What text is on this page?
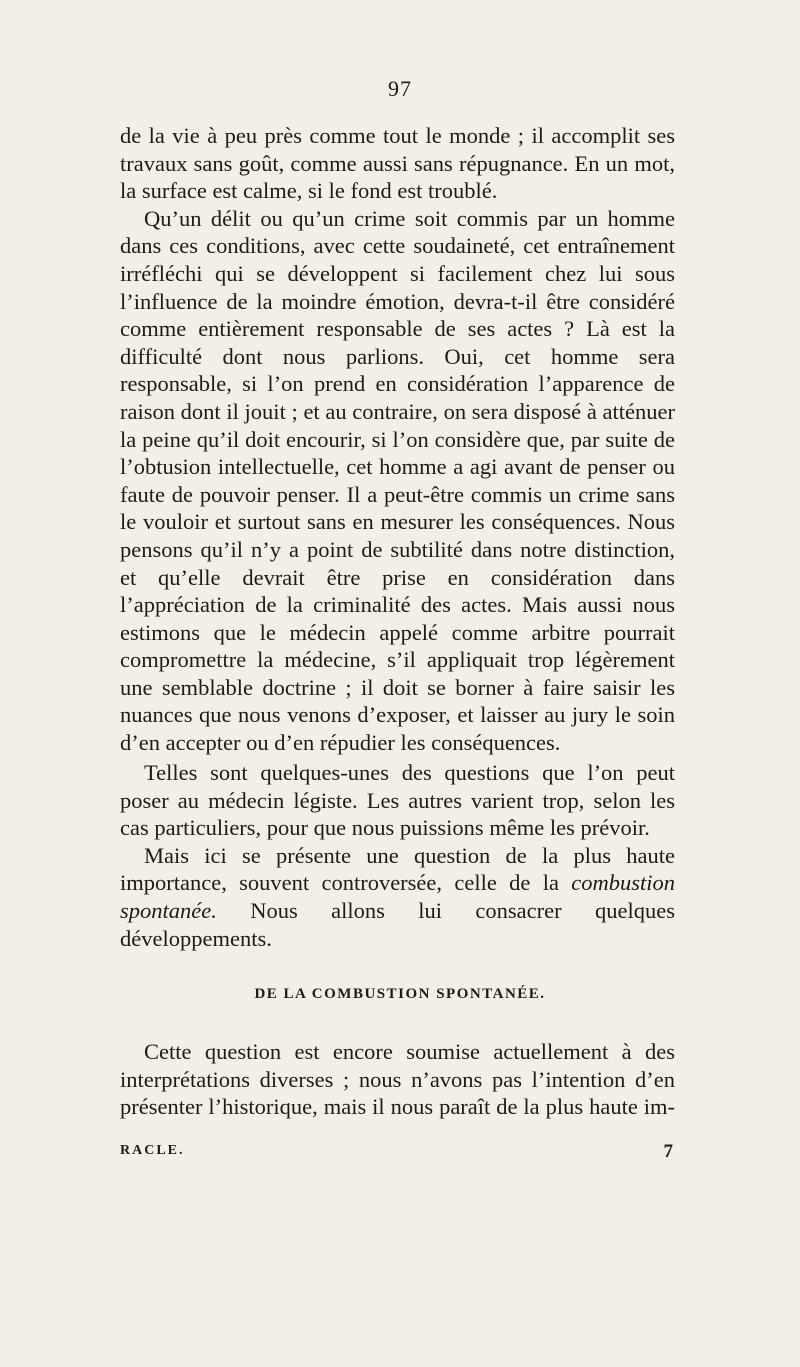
97

de la vie à peu près comme tout le monde ; il accomplit ses travaux sans goût, comme aussi sans répugnance. En un mot, la surface est calme, si le fond est troublé.

Qu’un délit ou qu’un crime soit commis par un homme dans ces conditions, avec cette soudaineté, cet entraînement irréfléchi qui se développent si facilement chez lui sous l’influence de la moindre émotion, devra-t-il être considéré comme entièrement responsable de ses actes ? Là est la difficulté dont nous parlions. Oui, cet homme sera responsable, si l’on prend en considération l’apparence de raison dont il jouit ; et au contraire, on sera disposé à atténuer la peine qu’il doit encourir, si l’on considère que, par suite de l’obtusion intellectuelle, cet homme a agi avant de penser ou faute de pouvoir penser. Il a peut-être commis un crime sans le vouloir et surtout sans en mesurer les conséquences. Nous pensons qu’il n’y a point de subtilité dans notre distinction, et qu’elle devrait être prise en considération dans l’appréciation de la criminalité des actes. Mais aussi nous estimons que le médecin appelé comme arbitre pourrait compromettre la médecine, s’il appliquait trop légèrement une semblable doctrine ; il doit se borner à faire saisir les nuances que nous venons d’exposer, et laisser au jury le soin d’en accepter ou d’en répudier les conséquences.

Telles sont quelques-unes des questions que l’on peut poser au médecin légiste. Les autres varient trop, selon les cas particuliers, pour que nous puissions même les prévoir.

Mais ici se présente une question de la plus haute importance, souvent controversée, celle de la combustion spontanée. Nous allons lui consacrer quelques développements.

DE LA COMBUSTION SPONTANÉE.

Cette question est encore soumise actuellement à des interprétations diverses ; nous n’avons pas l’intention d’en présenter l’historique, mais il nous paraît de la plus haute im-

RACLE.	7
